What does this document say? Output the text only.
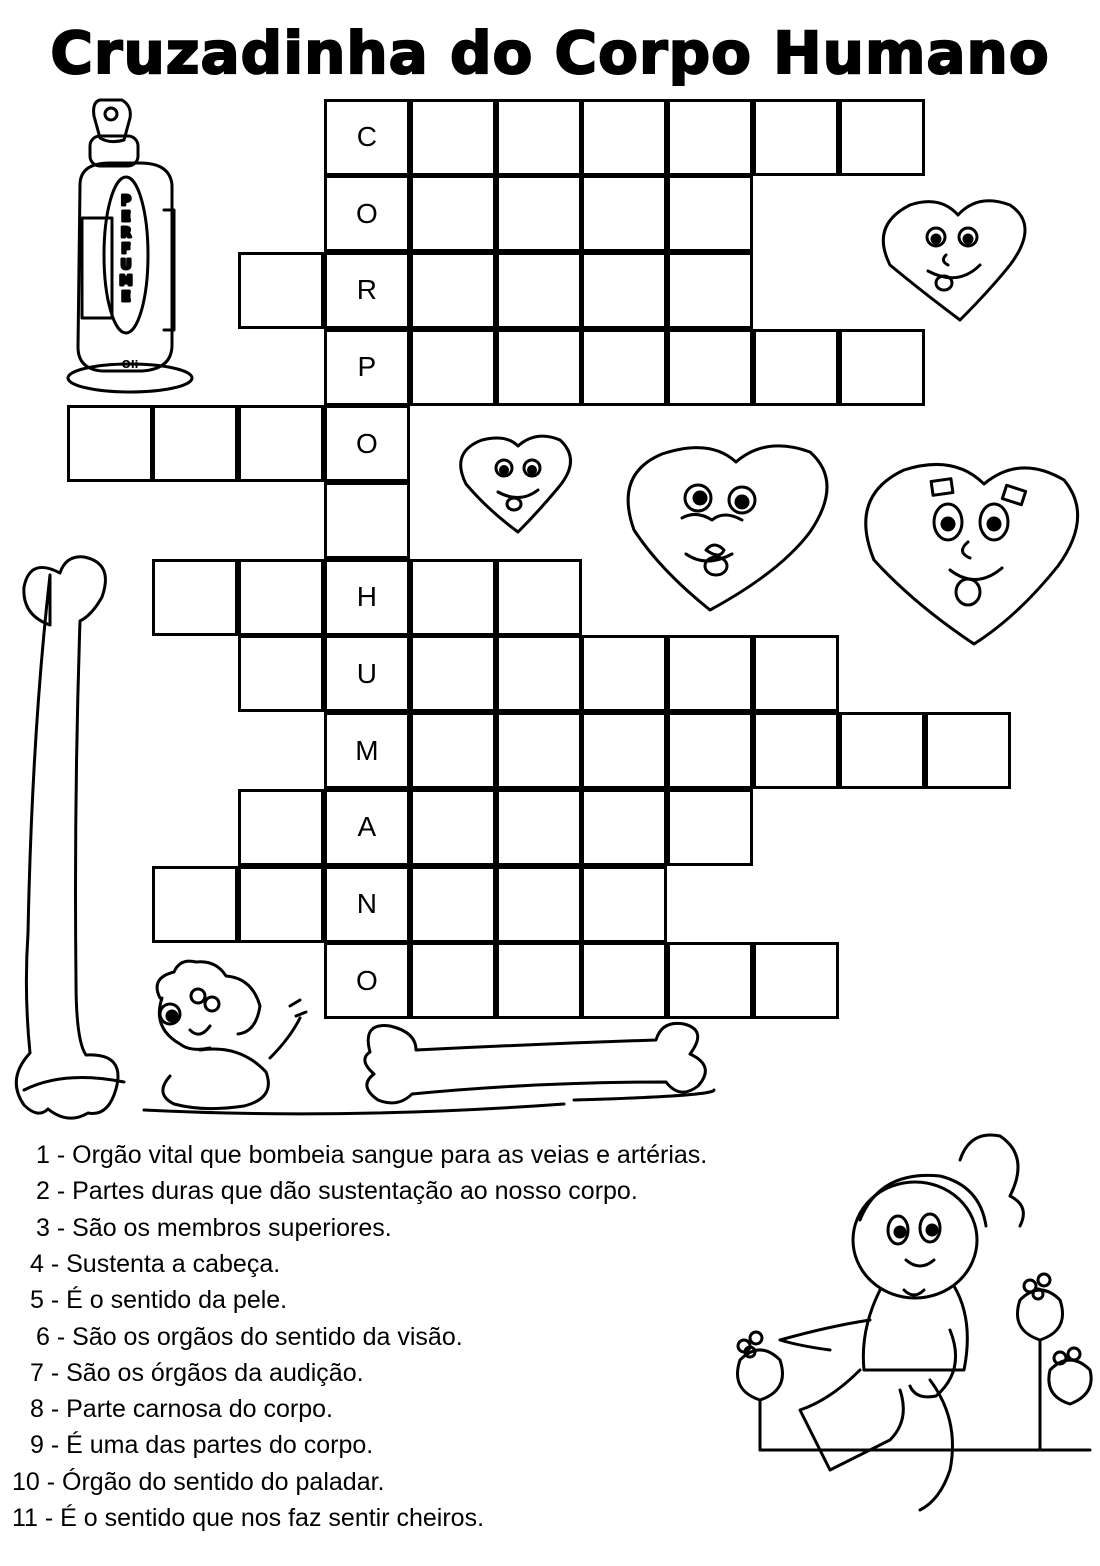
Cruzadinha do Corpo Humano
C
O
R
P
O
H
U
M
A
N
O
P E R F U M E
Oli
1 - Orgão vital que bombeia sangue para as veias e artérias.
2 - Partes duras que dão sustentação ao nosso corpo.
3 - São os membros superiores.
4 - Sustenta a cabeça.
5 - É o sentido da pele.
6 - São os orgãos do sentido da visão.
7 - São os órgãos da audição.
8 - Parte carnosa do corpo.
9 - É uma das partes do corpo.
10 - Órgão do sentido do paladar.
11 - É o sentido que nos faz sentir cheiros.
